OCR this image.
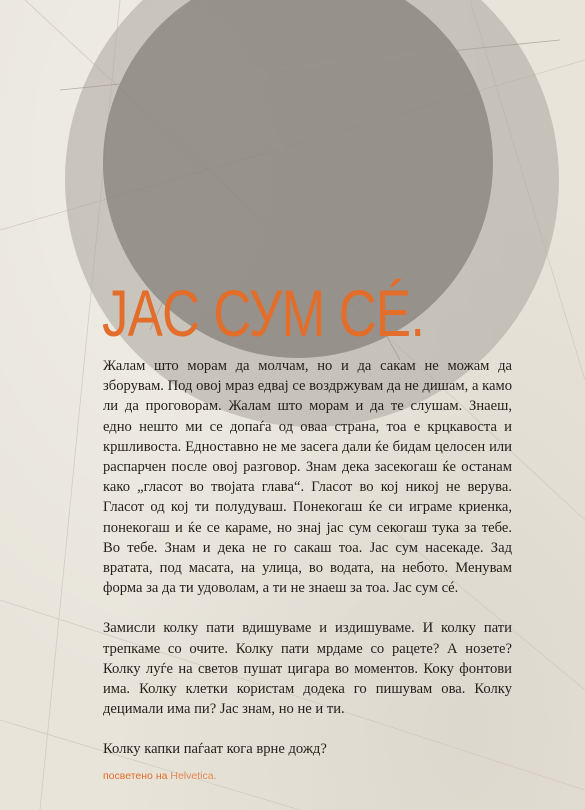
JAC СУМ СÉ.

Жалам што морам да молчам, но и да сакам не можам да зборувам. Под овој мраз едвај се воздржувам да не дишам, а камо ли да проговорам. Жалам што морам и да те слушам. Знаеш, едно нешто ми се допаѓа од оваа страна, тоа е крцкавоста и кршливоста. Едноставно не ме засега дали ќе бидам целосен или распарчен после овој разговор. Знам дека засекогаш ќе останам како „гласот во твојата глава“. Гласот во кој никој не верува. Гласот од кој ти полудуваш. Понекогаш ќе си играме криенка, понекогаш и ќе се караме, но знај јас сум секогаш тука за тебе. Во тебе. Знам и дека не го сакаш тоа. Јас сум насекаде. Зад вратата, под масата, на улица, во водата, на небото. Менувам форма за да ти удоволам, а ти не знаеш за тоа. Јас сум сé.

Замисли колку пати вдишуваме и издишуваме. И колку пати трепкаме со очите. Колку пати мрдаме со рацете? А нозете? Колку луѓе на светов пушат цигара во моментов. Коку фонтови има. Колку клетки користам додека го пишувам ова. Колку децимали има пи? Јас знам, но не и ти.

Колку капки паѓаат кога врне дожд?

посветено на Helvetica.
